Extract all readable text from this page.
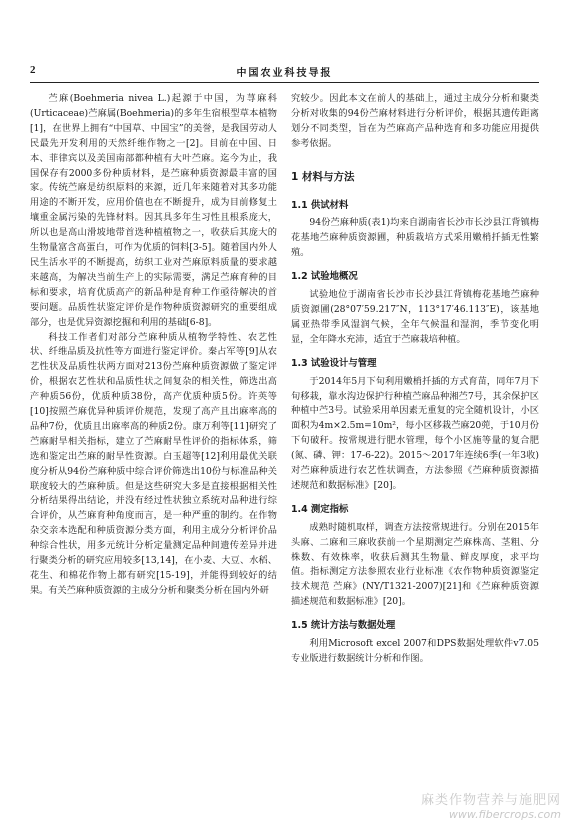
2	中国农业科技导报

苎麻(Boehmeria nivea L.)起源于中国，为荨麻科(Urticaceae)苎麻属(Boehmeria)的多年生宿根型草本植物[1]，在世界上拥有“中国草、中国宝”的美誉，是我国劳动人民最先开发利用的天然纤维作物之一[2]。目前在中国、日本、菲律宾以及美国南部都种植有大叶苎麻。迄今为止，我国保存有2000多份种质材料，是苎麻种质资源最丰富的国家。传统苎麻是纺织原料的来源，近几年来随着对其多功能用途的不断开发，应用价值也在不断提升，成为目前修复土壤重金属污染的先锋材料。因其具多年生习性且根系庞大，所以也是高山滑坡地带首选种植植物之一，收获后其庞大的生物量富含高蛋白，可作为优质的饲料[3-5]。随着国内外人民生活水平的不断提高，纺织工业对苎麻原料质量的要求越来越高，为解决当前生产上的实际需要，满足苎麻育种的目标和要求，培育优质高产的新品种是育种工作亟待解决的首要问题。品质性状鉴定评价是作物种质资源研究的重要组成部分，也是优异资源挖掘和利用的基础[6-8]。

科技工作者们对部分苎麻种质从植物学特性、农艺性状、纤维品质及抗性等方面进行鉴定评价。秦占军等[9]从农艺性状及品质性状两方面对213份苎麻种质资源做了鉴定评价，根据农艺性状和品质性状之间复杂的相关性，筛选出高产种质56份，优质种质38份，高产优质种质5份。许英等[10]按照苎麻优异种质评价规范，发现了高产且出麻率高的品种7份，优质且出麻率高的种质2份。康万利等[11]研究了苎麻耐旱相关指标，建立了苎麻耐旱性评价的指标体系，筛选和鉴定出苎麻的耐旱性资源。白玉超等[12]利用最优关联度分析从94份苎麻种质中综合评价筛选出10份与标准品种关联度较大的苎麻种质。但是这些研究大多是直接根据相关性分析结果得出结论，并没有经过性状独立系统对品种进行综合评价，从苎麻育种角度而言，是一种严重的制约。在作物杂交亲本选配和种质资源分类方面，利用主成分分析评价品种综合性状，用多元统计分析定量测定品种间遗传差异并进行聚类分析的研究应用较多[13,14]，在小麦、大豆、水稻、花生、和棉花作物上都有研究[15-19]，并能得到较好的结果。有关苎麻种质资源的主成分分析和聚类分析在国内外研

究较少。因此本文在前人的基础上，通过主成分分析和聚类分析对收集的94份苎麻材料进行分析评价，根据其遗传距离划分不同类型，旨在为苎麻高产品种选育和多功能应用提供参考依据。

1 材料与方法
1.1 供试材料

94份苎麻种质(表1)均来自湖南省长沙市长沙县江背镇梅花基地苎麻种质资源圃，种质栽培方式采用嫩梢扦插无性繁殖。

1.2 试验地概况

试验地位于湖南省长沙市长沙县江背镇梅花基地苎麻种质资源圃(28°07′59.217″N，113°17′46.113″E)，该基地属亚热带季风湿润气候，全年气候温和湿润，季节变化明显，全年降水充沛，适宜于苎麻栽培种植。

1.3 试验设计与管理

于2014年5月下旬利用嫩梢扦插的方式育苗，同年7月下旬移栽，靠水沟边保护行种植苎麻品种湘苎7号，其余保护区种植中苎3号。试验采用单因素无重复的完全随机设计，小区面积为4m×2.5m=10m²，每小区移栽苎麻20蔸，于10月份下旬破秆。按常规进行肥水管理，每个小区施等量的复合肥(氮、磷、钾：17-6-22)。2015～2017年连续6季(一年3收)对苎麻种质进行农艺性状调查，方法参照《苎麻种质资源描述规范和数据标准》[20]。

1.4 测定指标

成熟时随机取样，调查方法按常规进行。分别在2015年头麻、二麻和三麻收获前一个星期测定苎麻株高、茎粗、分株数、有效株率，收获后测其生物量、鲜皮厚度，求平均值。指标测定方法参照农业行业标准《农作物种质资源鉴定技术规范 苎麻》(NY/T1321-2007)[21]和《苎麻种质资源描述规范和数据标准》[20]。

1.5 统计方法与数据处理

利用Microsoft excel 2007和DPS数据处理软件v7.05专业版进行数据统计分析和作图。

麻类作物营养与施肥网
www.fibercrops.com
